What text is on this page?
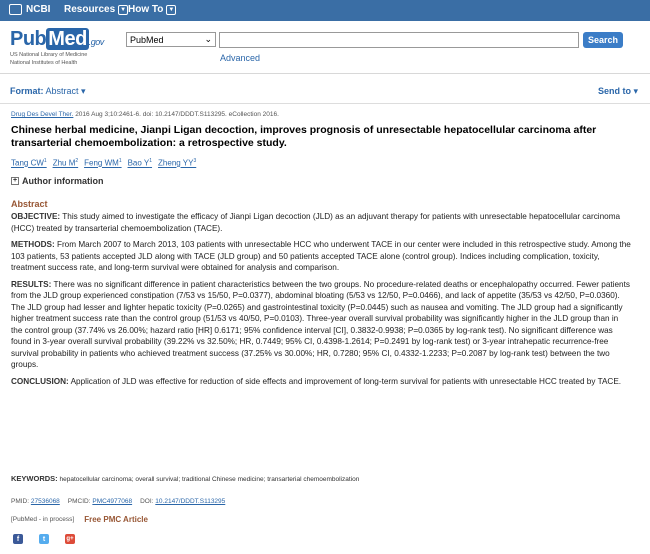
NCBI Resources ▼ How To ▼
Pub Med .gov
US National Library of Medicine
National Institutes of Health
PubMed	⌄	Search
Advanced
Format: Abstract ▾	Send to ▾
Drug Des Devel Ther. 2016 Aug 3;10:2461-6. doi: 10.2147/DDDT.S113295. eCollection 2016.
Chinese herbal medicine, Jianpi Ligan decoction, improves prognosis of unresectable hepatocellular carcinoma after transarterial chemoembolization: a retrospective study.
Tang $CW^1$ Zhu $M^2$ Feng $WM^1$ Bao $Y^1$ Zheng $YY^3$
+ Author information
Abstract

OBJECTIVE: This study aimed to investigate the efficacy of Jianpi Ligan decoction (JLD) as an adjuvant therapy for patients with unresectable hepatocellular carcinoma (HCC) treated by transarterial chemoembolization (TACE).

METHODS: From March 2007 to March 2013, 103 patients with unresectable HCC who underwent TACE in our center were included in this retrospective study. Among the 103 patients, 53 patients accepted JLD along with TACE (JLD group) and 50 patients accepted TACE alone (control group). Indices including complication, toxicity, treatment success rate, and long-term survival were obtained for analysis and comparison.

RESULTS: There was no significant difference in patient characteristics between the two groups. No procedure-related deaths or encephalopathy occurred. Fewer patients from the JLD group experienced constipation (7/53 vs 15/50, P=0.0377), abdominal bloating (5/53 vs 12/50, P=0.0466), and lack of appetite (35/53 vs 42/50, P=0.0360). The JLD group had lesser and lighter hepatic toxicity (P=0.0265) and gastrointestinal toxicity (P=0.0445) such as nausea and vomiting. The JLD group had a significantly higher treatment success rate than the control group (51/53 vs 40/50, P=0.0103). Three-year overall survival probability was significantly higher in the JLD group than in the control group (37.74% vs 26.00%; hazard ratio [HR] 0.6171; 95% confidence interval [CI], 0.3832-0.9938; P=0.0365 by log-rank test). No significant difference was found in 3-year overall survival probability (39.22% vs 32.50%; HR, 0.7449; 95% CI, 0.4398-1.2614; P=0.2491 by log-rank test) or 3-year intrahepatic recurrence-free survival probability in patients who achieved treatment success (37.25% vs 30.00%; HR, 0.7280; 95% CI, 0.4332-1.2233; P=0.2087 by log-rank test) between the two groups.

CONCLUSION: Application of JLD was effective for reduction of side effects and improvement of long-term survival for patients with unresectable HCC treated by TACE.

KEYWORDS: hepatocellular carcinoma; overall survival; traditional Chinese medicine; transarterial chemoembolization
PMID: 27536068 PMCID: PMC4977068 DOI: 10.2147/DDDT.S113295
[PubMed - in process] Free PMC Article
f	t	g+
